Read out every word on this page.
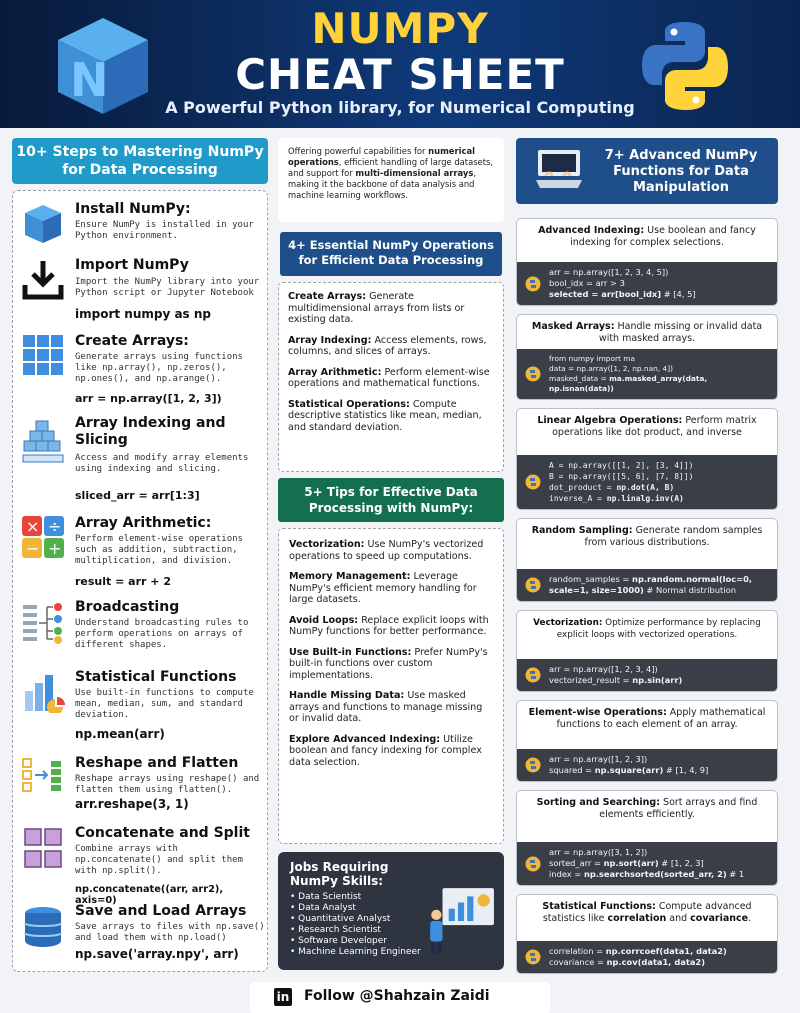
N
NUMPY
CHEAT SHEET
A Powerful Python library, for Numerical Computing
10+ Steps to Mastering NumPy for Data Processing
Install NumPy:
Ensure NumPy is installed in your Python environment.
Import NumPy
Import the NumPy library into your Python script or Jupyter Notebook
import numpy as np
Create Arrays:
Generate arrays using functions like np.array(), np.zeros(), np.ones(), and np.arange().
arr = np.array([1, 2, 3])
Array Indexing and Slicing
Access and modify array elements using indexing and slicing.
sliced_arr = arr[1:3]
× ÷
− +
Array Arithmetic:
Perform element-wise operations such as addition, subtraction, multiplication, and division.
result = arr + 2
Broadcasting
Understand broadcasting rules to perform operations on arrays of different shapes.
Statistical Functions
Use built-in functions to compute mean, median, sum, and standard deviation.
np.mean(arr)
Reshape and Flatten
Reshape arrays using reshape() and flatten them using flatten().
arr.reshape(3, 1)
Concatenate and Split
Combine arrays with np.concatenate() and split them with np.split().
np.concatenate((arr, arr2), axis=0)
Save and Load Arrays
Save arrays to files with np.save() and load them with np.load()
np.save('array.npy', arr)
Offering powerful capabilities for numerical operations, efficient handling of large datasets, and support for multi-dimensional arrays, making it the backbone of data analysis and machine learning workflows.
4+ Essential NumPy Operations for Efficient Data Processing
Create Arrays: Generate multidimensional arrays from lists or existing data.
Array Indexing: Access elements, rows, columns, and slices of arrays.
Array Arithmetic: Perform element-wise operations and mathematical functions.
Statistical Operations: Compute descriptive statistics like mean, median, and standard deviation.
5+ Tips for Effective Data Processing with NumPy:
Vectorization: Use NumPy's vectorized operations to speed up computations.
Memory Management: Leverage NumPy's efficient memory handling for large datasets.
Avoid Loops: Replace explicit loops with NumPy functions for better performance.
Use Built-in Functions: Prefer NumPy's built-in functions over custom implementations.
Handle Missing Data: Use masked arrays and functions to manage missing or invalid data.
Explore Advanced Indexing: Utilize boolean and fancy indexing for complex data selection.
Jobs Requiring NumPy Skills:
• Data Scientist
• Data Analyst
• Quantitative Analyst
• Research Scientist
• Software Developer
• Machine Learning Engineer
7+ Advanced NumPy Functions for Data Manipulation
Advanced Indexing: Use boolean and fancy indexing for complex selections.
arr = np.array([1, 2, 3, 4, 5])
bool_idx = arr > 3
selected = arr[bool_idx] # [4, 5]
Masked Arrays: Handle missing or invalid data with masked arrays.
from numpy import ma
data = np.array([1, 2, np.nan, 4])
masked_data = ma.masked_array(data, np.isnan(data))
Linear Algebra Operations: Perform matrix operations like dot product, and inverse
A = np.array([[1, 2], [3, 4]])
B = np.array([[5, 6], [7, 8]])
dot_product = np.dot(A, B)
inverse_A = np.linalg.inv(A)
Random Sampling: Generate random samples from various distributions.
random_samples = np.random.normal(loc=0,
scale=1, size=1000) # Normal distribution
Vectorization: Optimize performance by replacing explicit loops with vectorized operations.
arr = np.array([1, 2, 3, 4])
vectorized_result = np.sin(arr)
Element-wise Operations: Apply mathematical functions to each element of an array.
arr = np.array([1, 2, 3])
squared = np.square(arr) # [1, 4, 9]
Sorting and Searching: Sort arrays and find elements efficiently.
arr = np.array([3, 1, 2])
sorted_arr = np.sort(arr) # [1, 2, 3]
index = np.searchsorted(sorted_arr, 2) # 1
Statistical Functions: Compute advanced statistics like correlation and covariance.
correlation = np.corrcoef(data1, data2)
covariance = np.cov(data1, data2)
in Follow @Shahzain Zaidi
